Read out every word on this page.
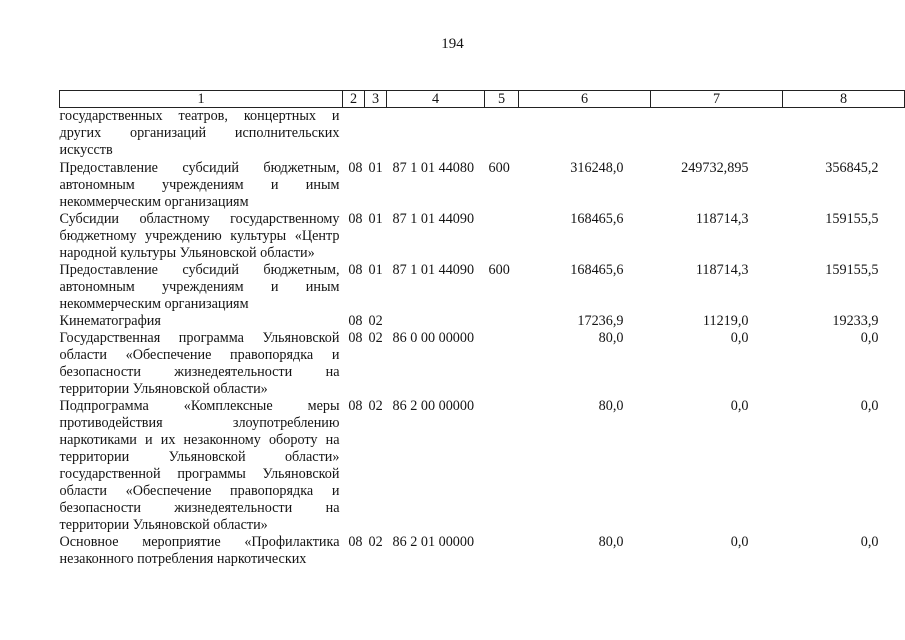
194
1	2	3	4	5	6	7	8
государственных театров, концертных и других организаций исполнительских искусств							
Предоставление субсидий бюджетным, автономным учреждениям и иным некоммерческим организациям	08	01	87 1 01 44080	600	316248,0	249732,895	356845,2
Субсидии областному государственному бюджетному учреждению культуры «Центр народной культуры Ульяновской области»	08	01	87 1 01 44090		168465,6	118714,3	159155,5
Предоставление субсидий бюджетным, автономным учреждениям и иным некоммерческим организациям	08	01	87 1 01 44090	600	168465,6	118714,3	159155,5
Кинематография	08	02			17236,9	11219,0	19233,9
Государственная программа Ульяновской области «Обеспечение правопорядка и безопасности жизнедеятельности на территории Ульяновской области»	08	02	86 0 00 00000		80,0	0,0	0,0
Подпрограмма «Комплексные меры противодействия злоупотреблению наркотиками и их незаконному обороту на территории Ульяновской области» государственной программы Ульяновской области «Обеспечение правопорядка и безопасности жизнедеятельности на территории Ульяновской области»	08	02	86 2 00 00000		80,0	0,0	0,0
Основное мероприятие «Профилактика незаконного потребления наркотических	08	02	86 2 01 00000		80,0	0,0	0,0
